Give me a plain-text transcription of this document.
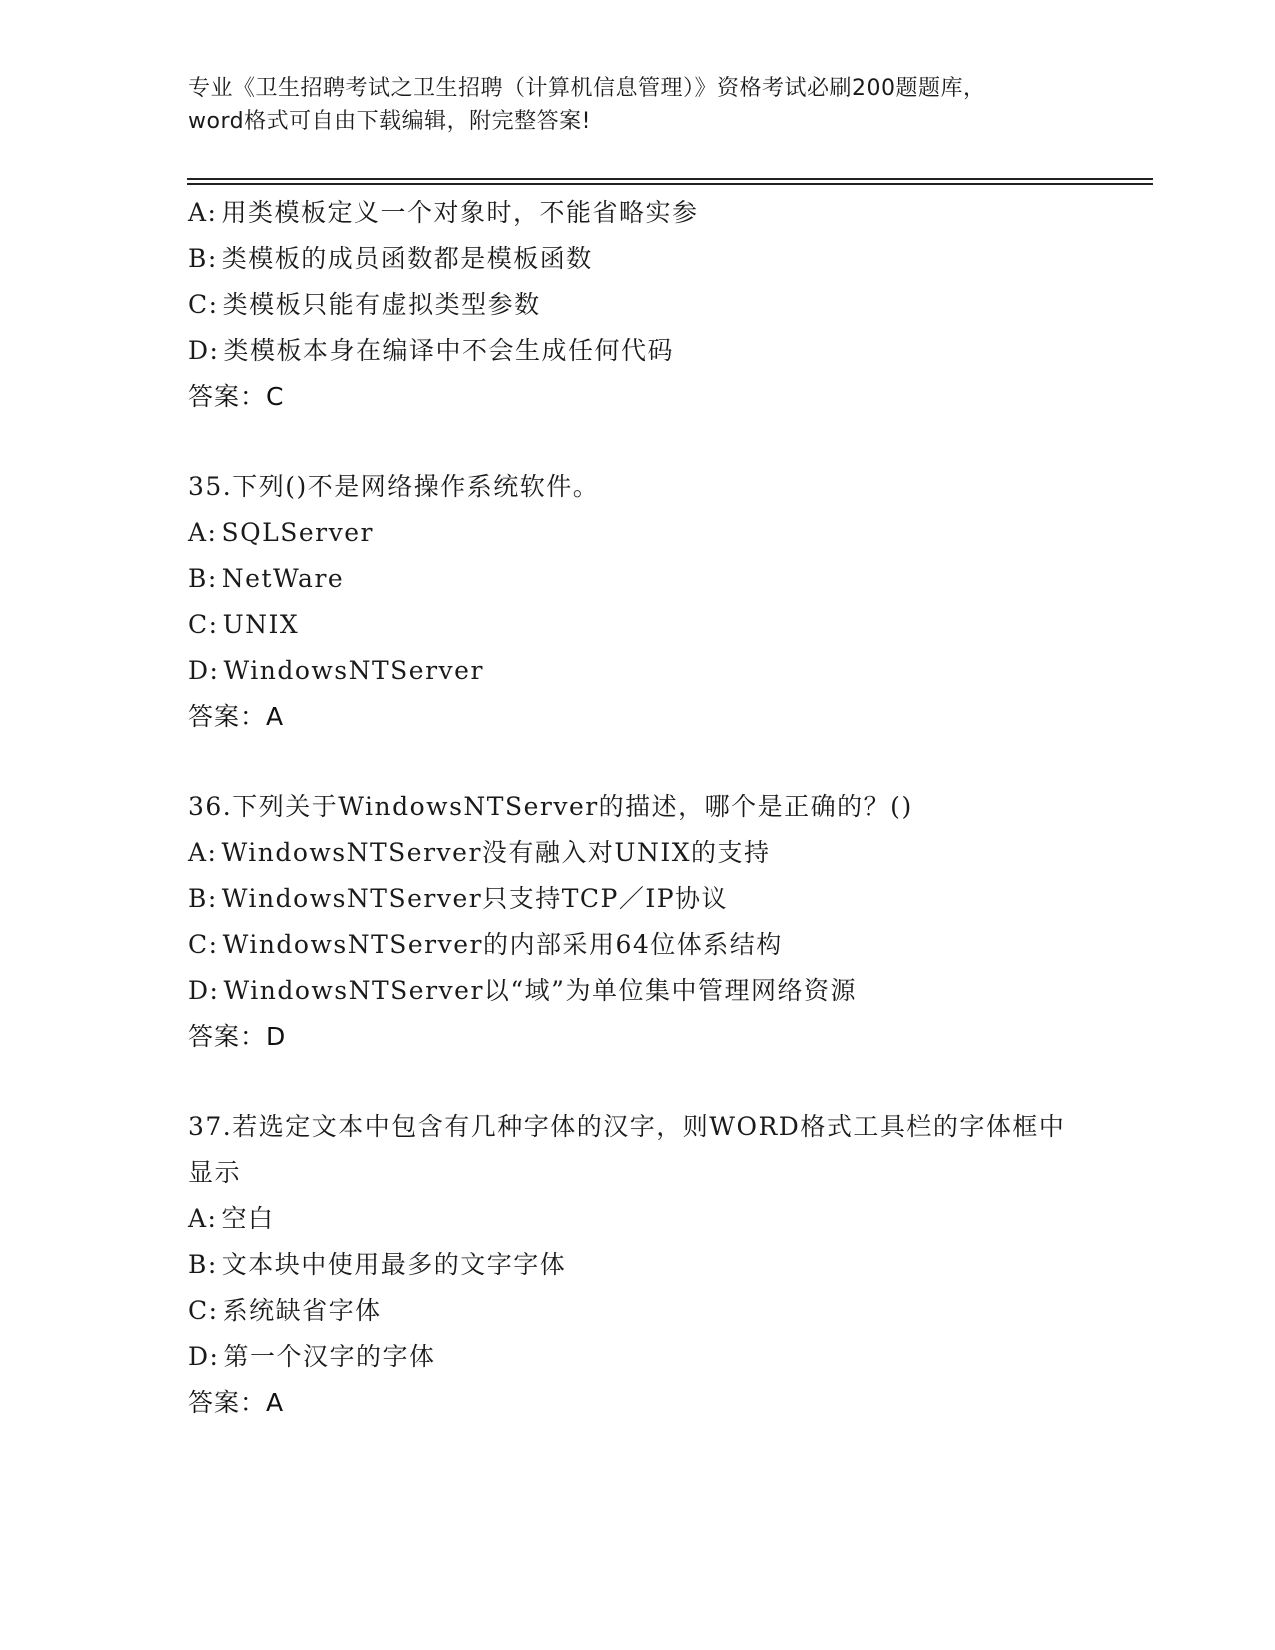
专业《卫生招聘考试之卫生招聘（计算机信息管理）》资格考试必刷200题题库，
word格式可自由下载编辑，附完整答案!
A: 用类模板定义一个对象时，不能省略实参
B: 类模板的成员函数都是模板函数
C: 类模板只能有虚拟类型参数
D: 类模板本身在编译中不会生成任何代码
答案：C
35.下列()不是网络操作系统软件。
A: SQLServer
B: NetWare
C: UNIX
D: WindowsNTServer
答案：A
36.下列关于WindowsNTServer的描述，哪个是正确的？()
A: WindowsNTServer没有融入对UNIX的支持
B: WindowsNTServer只支持TCP／IP协议
C: WindowsNTServer的内部采用64位体系结构
D: WindowsNTServer以“域”为单位集中管理网络资源
答案：D
37.若选定文本中包含有几种字体的汉字，则WORD格式工具栏的字体框中显示
A: 空白
B: 文本块中使用最多的文字字体
C: 系统缺省字体
D: 第一个汉字的字体
答案：A
